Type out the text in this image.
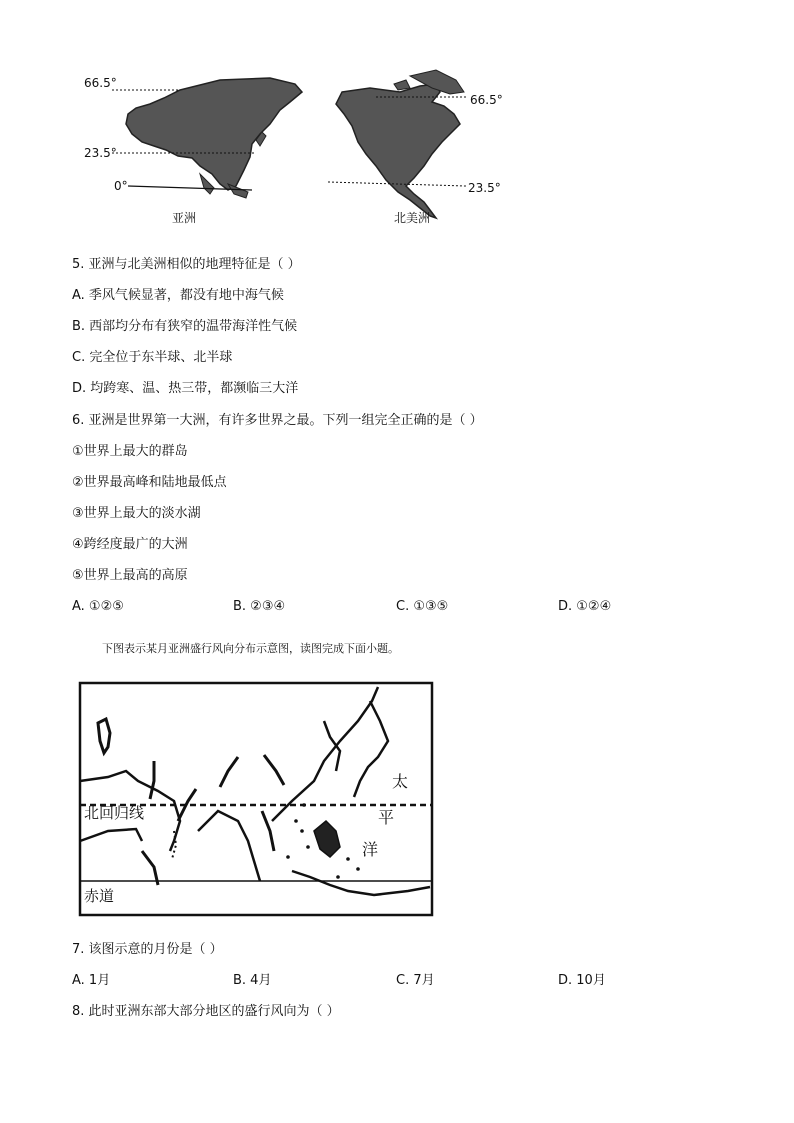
66.5°
23.5°
0°
亚洲
66.5°
23.5°
北美洲
5. 亚洲与北美洲相似的地理特征是（ ）
A. 季风气候显著，都没有地中海气候
B. 西部均分布有狭窄的温带海洋性气候
C. 完全位于东半球、北半球
D. 均跨寒、温、热三带，都濒临三大洋
6. 亚洲是世界第一大洲，有许多世界之最。下列一组完全正确的是（ ）
①世界上最大的群岛
②世界最高峰和陆地最低点
③世界上最大的淡水湖
④跨经度最广的大洲
⑤世界上最高的高原
A. ①②⑤	B. ②③④	C. ①③⑤	D. ①②④
下图表示某月亚洲盛行风向分布示意图，读图完成下面小题。
北回归线
赤道
太
平
洋
7. 该图示意的月份是（ ）
A. 1月	B. 4月	C. 7月	D. 10月
8. 此时亚洲东部大部分地区的盛行风向为（ ）
